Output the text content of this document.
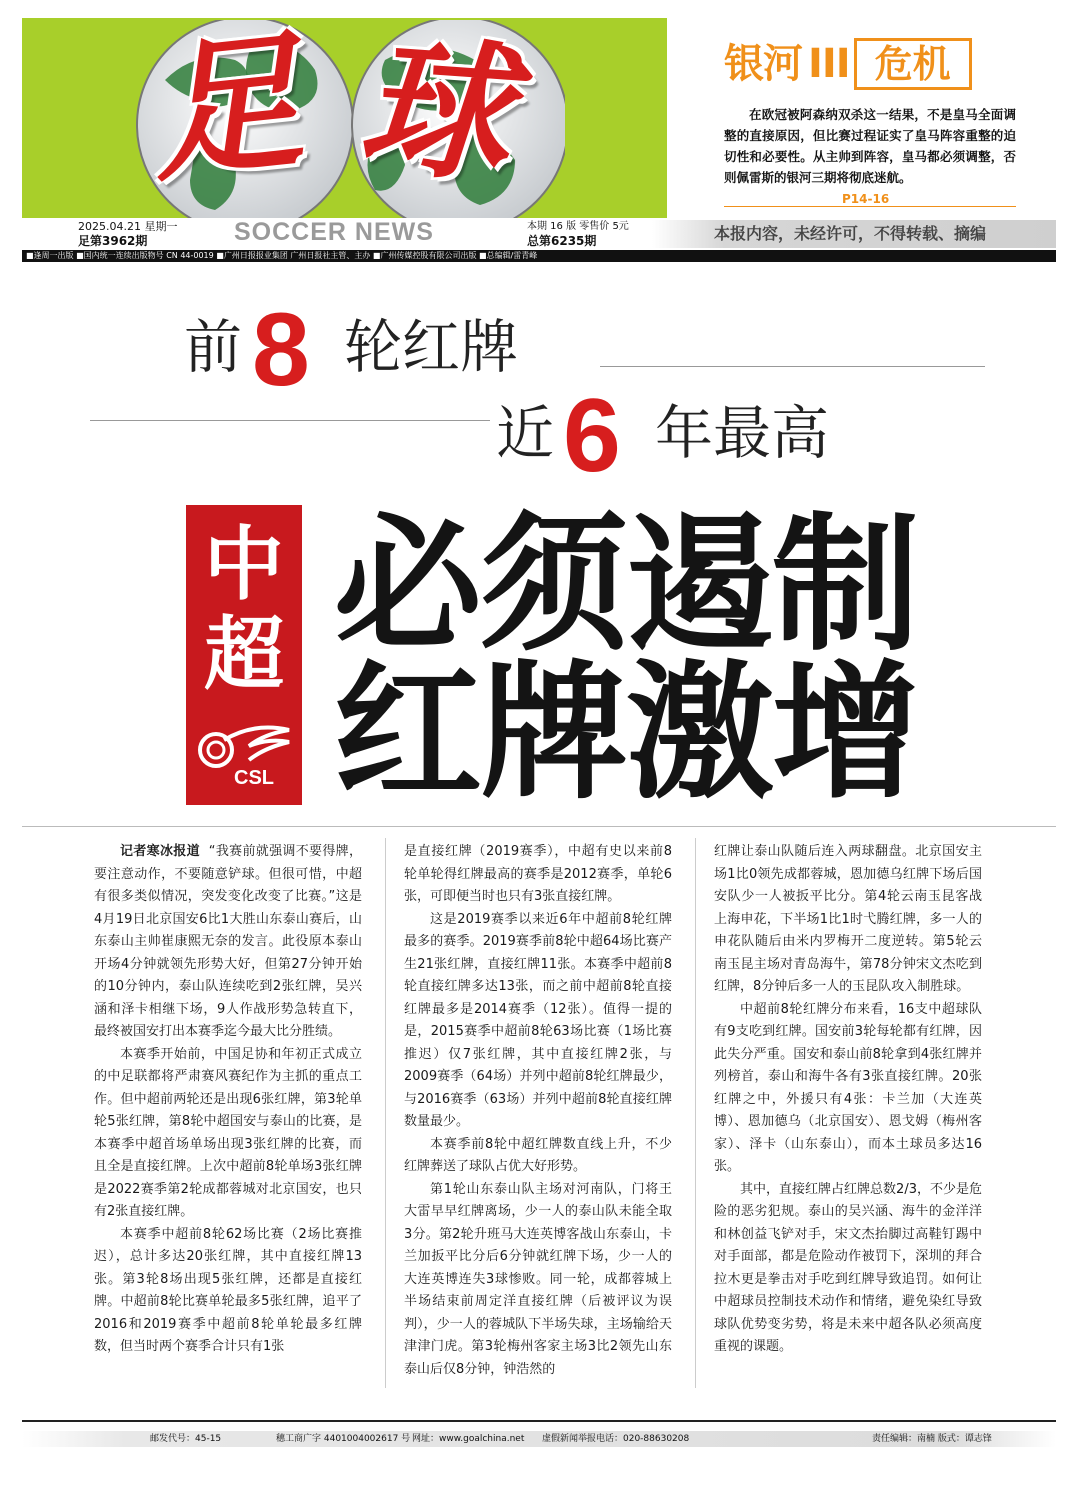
足 球
2025.04.21 星期一
足第3962期	SOCCER NEWS	本期 16 版 零售价 5元
总第6235期	本报内容，未经许可，不得转载、摘编
■逢周一出版 ■国内统一连续出版物号 CN 44-0019 ■广州日报报业集团 广州日报社主管、主办 ■广州传媒控股有限公司出版 ■总编辑/雷青峰
银河 III 危机
在欧冠被阿森纳双杀这一结果，不是皇马全面调整的直接原因，但比赛过程证实了皇马阵容重整的迫切性和必要性。从主帅到阵容，皇马都必须调整，否则佩雷斯的银河三期将彻底迷航。
P14-16
前 8 轮红牌
近 6 年最高
中
超
CSL
必须遏制
红牌激增

记者寒冰报道 “我赛前就强调不要得牌，要注意动作，不要随意铲球。但很可惜，中超有很多类似情况，突发变化改变了比赛。”这是4月19日北京国安6比1大胜山东泰山赛后，山东泰山主帅崔康熙无奈的发言。此役原本泰山开场4分钟就领先形势大好，但第27分钟开始的10分钟内，泰山队连续吃到2张红牌，吴兴涵和泽卡相继下场，9人作战形势急转直下，最终被国安打出本赛季迄今最大比分胜绩。

本赛季开始前，中国足协和年初正式成立的中足联都将严肃赛风赛纪作为主抓的重点工作。但中超前两轮还是出现6张红牌，第3轮单轮5张红牌，第8轮中超国安与泰山的比赛，是本赛季中超首场单场出现3张红牌的比赛，而且全是直接红牌。上次中超前8轮单场3张红牌是2022赛季第2轮成都蓉城对北京国安，也只有2张直接红牌。

本赛季中超前8轮62场比赛（2场比赛推迟），总计多达20张红牌，其中直接红牌13张。第3轮8场出现5张红牌，还都是直接红牌。中超前8轮比赛单轮最多5张红牌，追平了2016和2019赛季中超前8轮单轮最多红牌数，但当时两个赛季合计只有1张

是直接红牌（2019赛季），中超有史以来前8轮单轮得红牌最高的赛季是2012赛季，单轮6张，可即便当时也只有3张直接红牌。

这是2019赛季以来近6年中超前8轮红牌最多的赛季。2019赛季前8轮中超64场比赛产生21张红牌，直接红牌11张。本赛季中超前8轮直接红牌多达13张，而之前中超前8轮直接红牌最多是2014赛季（12张）。值得一提的是，2015赛季中超前8轮63场比赛（1场比赛推迟）仅7张红牌，其中直接红牌2张，与2009赛季（64场）并列中超前8轮红牌最少，与2016赛季（63场）并列中超前8轮直接红牌数量最少。

本赛季前8轮中超红牌数直线上升，不少红牌葬送了球队占优大好形势。

第1轮山东泰山队主场对河南队，门将王大雷早早红牌离场，少一人的泰山队未能全取3分。第2轮升班马大连英博客战山东泰山，卡兰加扳平比分后6分钟就红牌下场，少一人的大连英博连失3球惨败。同一轮，成都蓉城上半场结束前周定洋直接红牌（后被评议为误判），少一人的蓉城队下半场失球，主场输给天津津门虎。第3轮梅州客家主场3比2领先山东泰山后仅8分钟，钟浩然的

红牌让泰山队随后连入两球翻盘。北京国安主场1比0领先成都蓉城，恩加德乌红牌下场后国安队少一人被扳平比分。第4轮云南玉昆客战上海申花，下半场1比1时弋腾红牌，多一人的申花队随后由米内罗梅开二度逆转。第5轮云南玉昆主场对青岛海牛，第78分钟宋文杰吃到红牌，8分钟后多一人的玉昆队攻入制胜球。

中超前8轮红牌分布来看，16支中超球队有9支吃到红牌。国安前3轮每轮都有红牌，因此失分严重。国安和泰山前8轮拿到4张红牌并列榜首，泰山和海牛各有3张直接红牌。20张红牌之中，外援只有4张：卡兰加（大连英博）、恩加德乌（北京国安）、恩戈姆（梅州客家）、泽卡（山东泰山），而本土球员多达16张。

其中，直接红牌占红牌总数2/3，不少是危险的恶劣犯规。泰山的吴兴涵、海牛的金洋洋和林创益飞铲对手，宋文杰抬脚过高鞋钉踢中对手面部，都是危险动作被罚下，深圳的拜合拉木更是拳击对手吃到红牌导致追罚。如何让中超球员控制技术动作和情绪，避免染红导致球队优势变劣势，将是未来中超各队必须高度重视的课题。

邮发代号：45-15	穗工商广字 4401004002617 号 网址：www.goalchina.net 虚假新闻举报电话：020-88630208	责任编辑：南楠 版式：谭志锋
